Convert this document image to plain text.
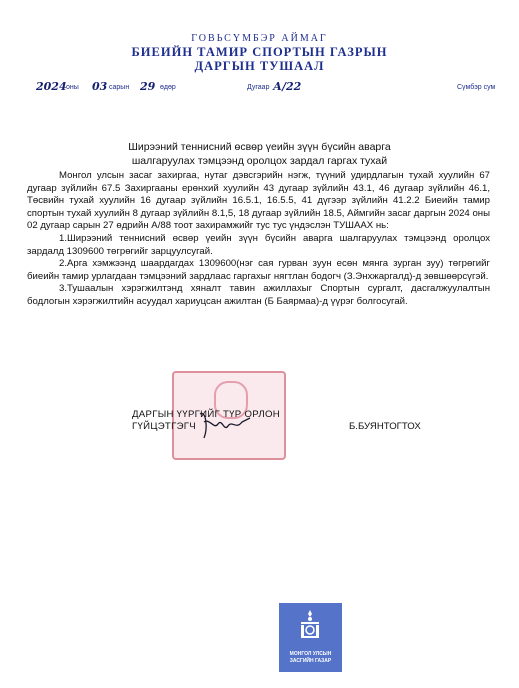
ГОВЬСҮМБЭР АЙМАГ
БИЕИЙН ТАМИР СПОРТЫН ГАЗРЫН
ДАРГЫН ТУШААЛ
2024 оны 03 сарын 29 өдөр	Дугаар А/22	Сүмбэр сум
Ширээний теннисний өсвөр үеийн зүүн бүсийн аварга
шалгаруулах тэмцээнд оролцох зардал гаргах тухай

Монгол улсын засаг захиргаа, нутаг дэвсгэрийн нэгж, түүний удирдлагын тухай хуулийн 67 дугаар зүйлийн 67.5 Захиргааны ерөнхий хуулийн 43 дугаар зүйлийн 43.1, 46 дугаар зүйлийн 46.1, Төсвийн тухай хуулийн 16 дугаар зүйлийн 16.5.1, 16.5.5, 41 дүгээр зүйлийн 41.2.2 Биеийн тамир спортын тухай хуулийн 8 дугаар зүйлийн 8.1,5, 18 дугаар зүйлийн 18.5, Аймгийн засаг даргын 2024 оны 02 дугаар сарын 27 өдрийн А/88 тоот захирамжийг тус тус үндэслэн ТУШААХ нь:

1.Ширээний теннисний өсвөр үеийн зүүн бүсийн аварга шалгаруулах тэмцээнд оролцох зардалд 1309600 төгрөгийг зарцуулсугай.

2.Арга хэмжээнд шаардагдах 1309600(нэг сая гурван зуун есөн мянга зурган зуу) төгрөгийг биеийн тамир урлагдаан тэмцээний зардлаас гаргахыг нягтлан бодогч (З.Энхжаргалд)-д зөвшөөрсүгэй.

3.Тушаалын хэрэгжилтэнд хяналт тавин ажиллахыг Спортын сургалт, дасгалжуулалтын бодлогын хэрэгжилтийн асуудал хариуцсан ажилтан (Б Баярмаа)-д үүрэг болгосугай.

ДАРГЫН ҮҮРГИЙГ ТҮР ОРЛОН
ГҮЙЦЭТГЭГЧ	Б.БУЯНТОГТОХ
МОНГОЛ УЛСЫН
ЗАСГИЙН ГАЗАР
